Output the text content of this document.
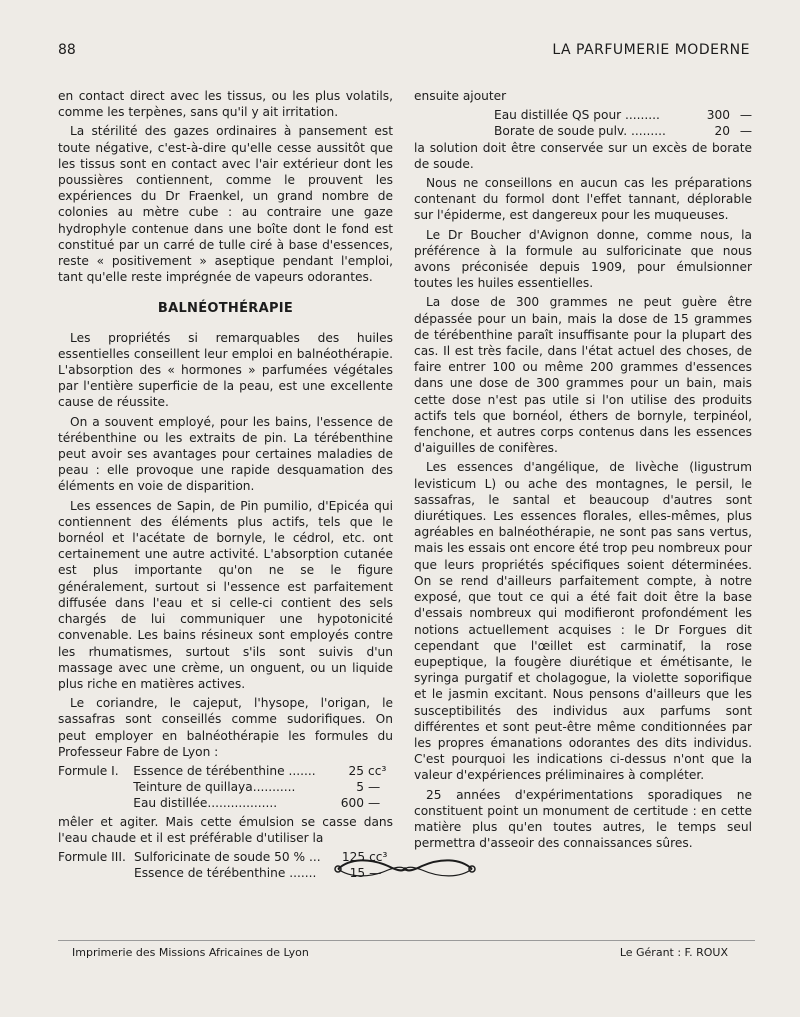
88	LA PARFUMERIE MODERNE

en contact direct avec les tissus, ou les plus volatils, comme les terpènes, sans qu'il y ait irritation.

La stérilité des gazes ordinaires à pansement est toute négative, c'est-à-dire qu'elle cesse aussitôt que les tissus sont en contact avec l'air extérieur dont les poussières contiennent, comme le prouvent les expériences du Dr Fraenkel, un grand nombre de colonies au mètre cube : au contraire une gaze hydrophyle contenue dans une boîte dont le fond est constitué par un carré de tulle ciré à base d'essences, reste « positivement » aseptique pendant l'emploi, tant qu'elle reste imprégnée de vapeurs odorantes.

BALNÉOTHÉRAPIE

Les propriétés si remarquables des huiles essentielles conseillent leur emploi en balnéothérapie. L'absorption des « hormones » parfumées végétales par l'entière superficie de la peau, est une excellente cause de réussite.

On a souvent employé, pour les bains, l'essence de térébenthine ou les extraits de pin. La térébenthine peut avoir ses avantages pour certaines maladies de peau : elle provoque une rapide desquamation des éléments en voie de disparition.

Les essences de Sapin, de Pin pumilio, d'Epicéa qui contiennent des éléments plus actifs, tels que le bornéol et l'acétate de bornyle, le cédrol, etc. ont certainement une autre activité. L'absorption cutanée est plus importante qu'on ne se le figure généralement, surtout si l'essence est parfaitement diffusée dans l'eau et si celle-ci contient des sels chargés de lui communiquer une hypotonicité convenable. Les bains résineux sont employés contre les rhumatismes, surtout s'ils sont suivis d'un massage avec une crème, un onguent, ou un liquide plus riche en matières actives.

Le coriandre, le cajeput, l'hysope, l'origan, le sassafras sont conseillés comme sudorifiques. On peut employer en balnéothérapie les formules du Professeur Fabre de Lyon :

Formule I.	Essence de térébenthine .......	25	cc³
	Teinture de quillaya...........	5	—
	Eau distillée..................	600	—

mêler et agiter. Mais cette émulsion se casse dans l'eau chaude et il est préférable d'utiliser la

Formule III.	Sulforicinate de soude 50 % ...	125	cc³
	Essence de térébenthine .......	15	—

ensuite ajouter

Eau distillée QS pour .........	300 —
Borate de soude pulv. .........	20 —

la solution doit être conservée sur un excès de borate de soude.

Nous ne conseillons en aucun cas les préparations contenant du formol dont l'effet tannant, déplorable sur l'épiderme, est dangereux pour les muqueuses.

Le Dr Boucher d'Avignon donne, comme nous, la préférence à la formule au sulforicinate que nous avons préconisée depuis 1909, pour émulsionner toutes les huiles essentielles.

La dose de 300 grammes ne peut guère être dépassée pour un bain, mais la dose de 15 grammes de térébenthine paraît insuffisante pour la plupart des cas. Il est très facile, dans l'état actuel des choses, de faire entrer 100 ou même 200 grammes d'essences dans une dose de 300 grammes pour un bain, mais cette dose n'est pas utile si l'on utilise des produits actifs tels que bornéol, éthers de bornyle, terpinéol, fenchone, et autres corps contenus dans les essences d'aiguilles de conifères.

Les essences d'angélique, de livèche (ligustrum levisticum L) ou ache des montagnes, le persil, le sassafras, le santal et beaucoup d'autres sont diurétiques. Les essences florales, elles-mêmes, plus agréables en balnéothérapie, ne sont pas sans vertus, mais les essais ont encore été trop peu nombreux pour que leurs propriétés spécifiques soient déterminées. On se rend d'ailleurs parfaitement compte, à notre exposé, que tout ce qui a été fait doit être la base d'essais nombreux qui modifieront profondément les notions actuellement acquises : le Dr Forgues dit cependant que l'œillet est carminatif, la rose eupeptique, la fougère diurétique et émétisante, le syringa purgatif et cholagogue, la violette soporifique et le jasmin excitant. Nous pensons d'ailleurs que les susceptibilités des individus aux parfums sont différentes et sont peut-être même conditionnées par les propres émanations odorantes des dits individus. C'est pourquoi les indications ci-dessus n'ont que la valeur d'expériences préliminaires à compléter.

25 années d'expérimentations sporadiques ne constituent point un monument de certitude : en cette matière plus qu'en toutes autres, le temps seul permettra d'asseoir des connaissances sûres.

Imprimerie des Missions Africaines de Lyon	Le Gérant : F. ROUX
